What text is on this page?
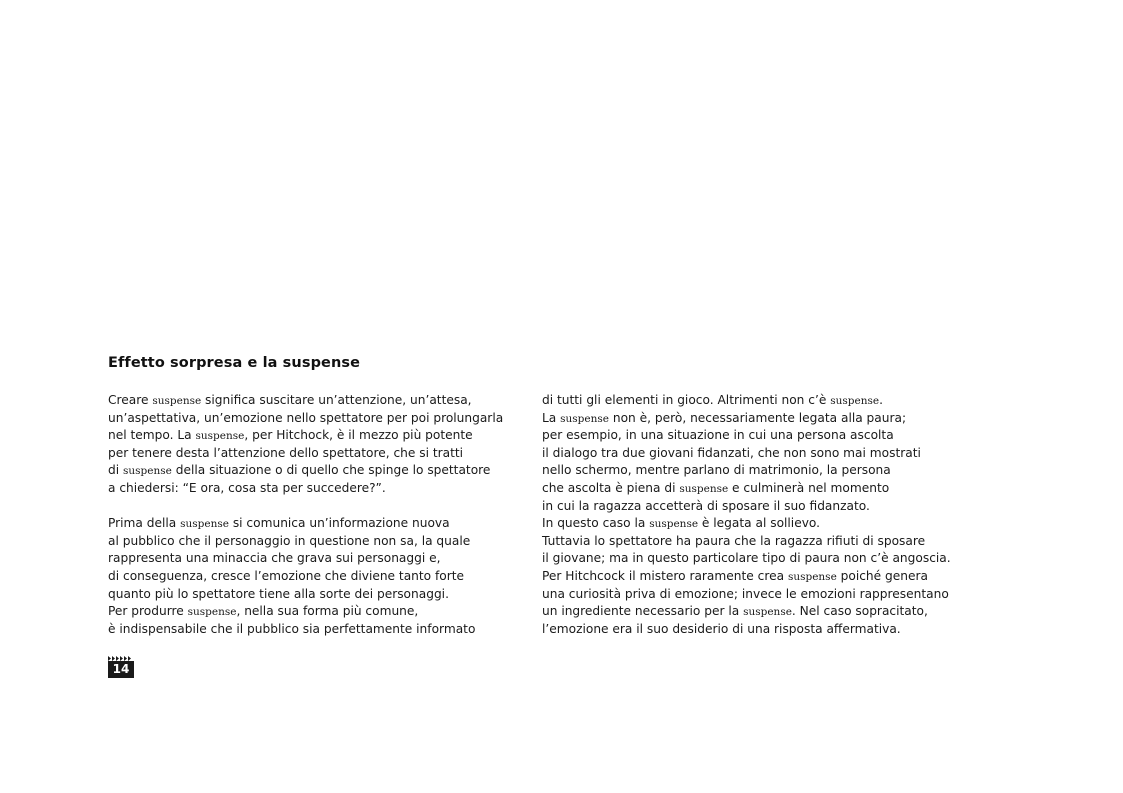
Effetto sorpresa e la suspense
Creare suspense significa suscitare un’attenzione, un’attesa,
un’aspettativa, un’emozione nello spettatore per poi prolungarla
nel tempo. La suspense, per Hitchock, è il mezzo più potente
per tenere desta l’attenzione dello spettatore, che si tratti
di suspense della situazione o di quello che spinge lo spettatore
a chiedersi: “E ora, cosa sta per succedere?”.
Prima della suspense si comunica un’informazione nuova
al pubblico che il personaggio in questione non sa, la quale
rappresenta una minaccia che grava sui personaggi e,
di conseguenza, cresce l’emozione che diviene tanto forte
quanto più lo spettatore tiene alla sorte dei personaggi.
Per produrre suspense, nella sua forma più comune,
è indispensabile che il pubblico sia perfettamente informato
di tutti gli elementi in gioco. Altrimenti non c’è suspense.
La suspense non è, però, necessariamente legata alla paura;
per esempio, in una situazione in cui una persona ascolta
il dialogo tra due giovani fidanzati, che non sono mai mostrati
nello schermo, mentre parlano di matrimonio, la persona
che ascolta è piena di suspense e culminerà nel momento
in cui la ragazza accetterà di sposare il suo fidanzato.
In questo caso la suspense è legata al sollievo.
Tuttavia lo spettatore ha paura che la ragazza rifiuti di sposare
il giovane; ma in questo particolare tipo di paura non c’è angoscia.
Per Hitchcock il mistero raramente crea suspense poiché genera
una curiosità priva di emozione; invece le emozioni rappresentano
un ingrediente necessario per la suspense. Nel caso sopracitato,
l’emozione era il suo desiderio di una risposta affermativa.
14
